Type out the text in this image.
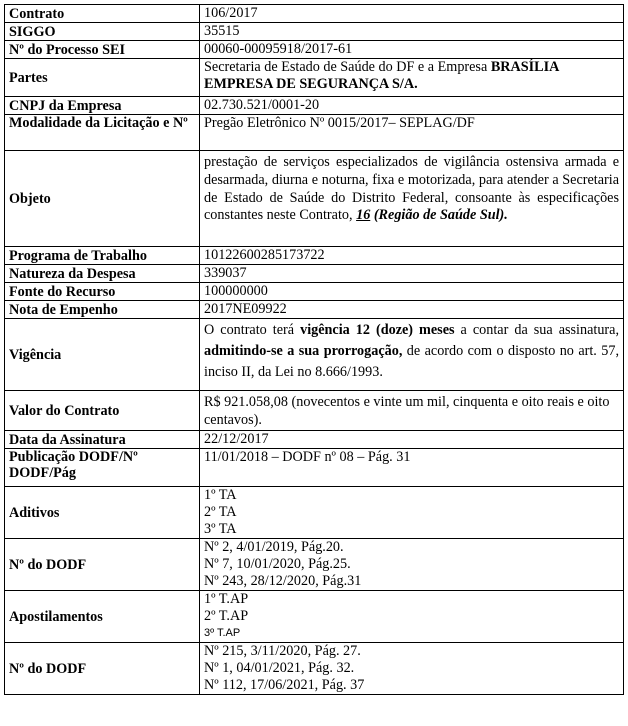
Contrato	106/2017
SIGGO	35515
Nº do Processo SEI	00060-00095918/2017-61
Partes	Secretaria de Estado de Saúde do DF e a Empresa BRASÍLIA EMPRESA DE SEGURANÇA S/A.
CNPJ da Empresa	02.730.521/0001-20
Modalidade da Licitação e Nº	Pregão Eletrônico Nº 0015/2017– SEPLAG/DF
Objeto	prestação de serviços especializados de vigilância ostensiva armada e desarmada, diurna e noturna, fixa e motorizada, para atender a Secretaria de Estado de Saúde do Distrito Federal, consoante às especificações constantes neste Contrato, 16 (Região de Saúde Sul).
Programa de Trabalho	10122600285173722
Natureza da Despesa	339037
Fonte do Recurso	100000000
Nota de Empenho	2017NE09922
Vigência	O contrato terá vigência 12 (doze) meses a contar da sua assinatura, admitindo-se a sua prorrogação, de acordo com o disposto no art. 57, inciso II, da Lei no 8.666/1993.
Valor do Contrato	R$ 921.058,08 (novecentos e vinte um mil, cinquenta e oito reais e oito centavos).
Data da Assinatura	22/12/2017
Publicação DODF/Nº DODF/Pág	11/01/2018 – DODF nº 08 – Pág. 31
Aditivos	1º TA
2º TA
3º TA

Nº do DODF	Nº 2, 4/01/2019, Pág.20.
Nº 7, 10/01/2020, Pág.25.
Nº 243, 28/12/2020, Pág.31

Apostilamentos	1º T.AP
2º T.AP
3º T.AP

Nº do DODF	Nº 215, 3/11/2020, Pág. 27.
Nº 1, 04/01/2021, Pág. 32.
Nº 112, 17/06/2021, Pág. 37
